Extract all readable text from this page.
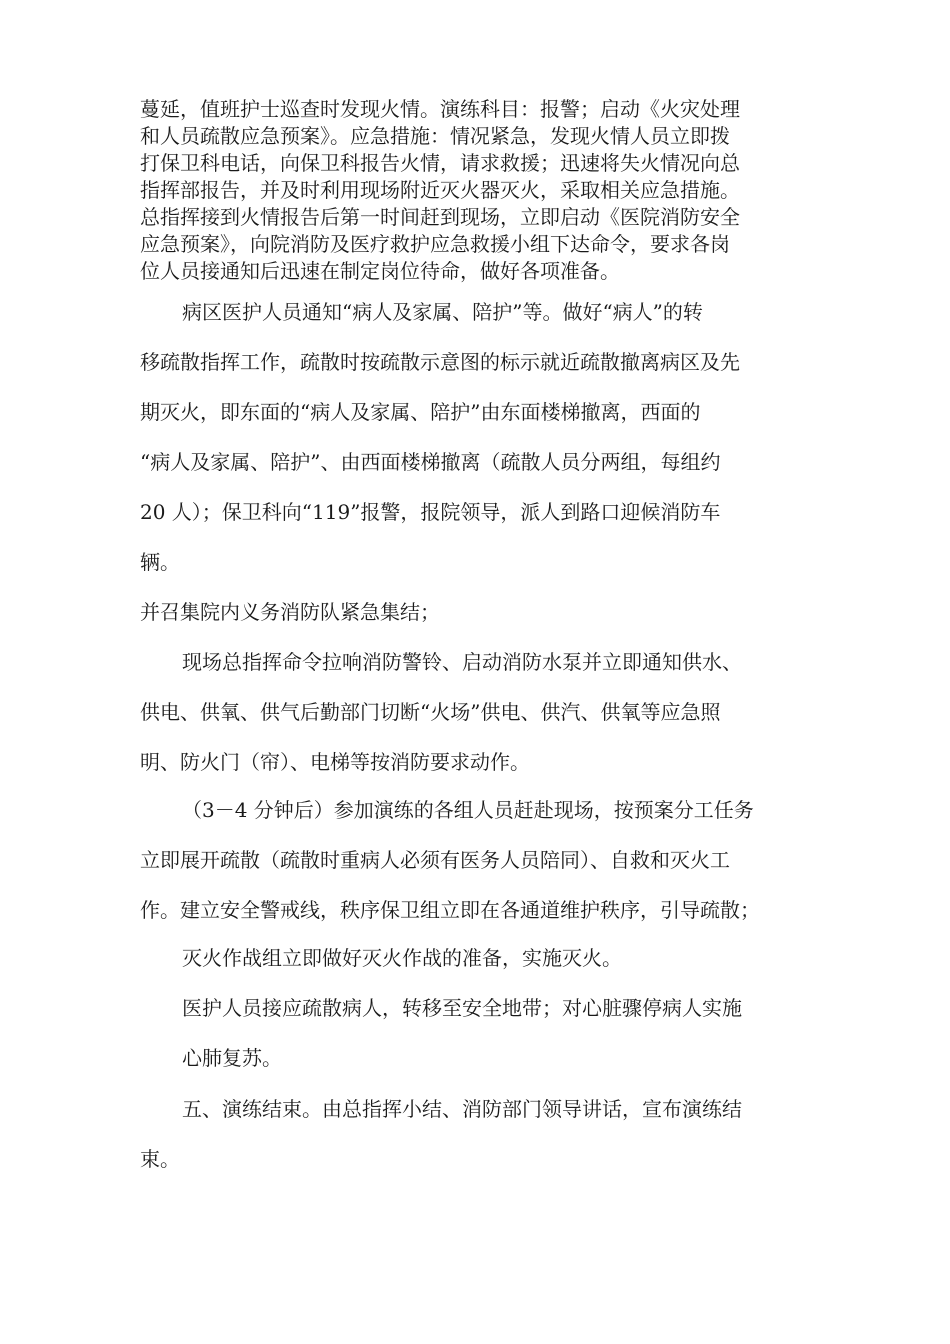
蔓延，值班护士巡查时发现火情。演练科目：报警；启动《火灾处理
和人员疏散应急预案》。应急措施：情况紧急，发现火情人员立即拨
打保卫科电话，向保卫科报告火情，请求救援；迅速将失火情况向总
指挥部报告，并及时利用现场附近灭火器灭火，采取相关应急措施。
总指挥接到火情报告后第一时间赶到现场，立即启动《医院消防安全
应急预案》，向院消防及医疗救护应急救援小组下达命令，要求各岗
位人员接通知后迅速在制定岗位待命，做好各项准备。

病区医护人员通知“病人及家属、陪护”等。做好“病人”的转
移疏散指挥工作，疏散时按疏散示意图的标示就近疏散撤离病区及先
期灭火，即东面的“病人及家属、陪护”由东面楼梯撤离，西面的
“病人及家属、陪护”、由西面楼梯撤离（疏散人员分两组，每组约
20 人）；保卫科向“119”报警，报院领导，派人到路口迎候消防车
辆。

并召集院内义务消防队紧急集结；

现场总指挥命令拉响消防警铃、启动消防水泵并立即通知供水、
供电、供氧、供气后勤部门切断“火场”供电、供汽、供氧等应急照
明、防火门（帘）、电梯等按消防要求动作。

（3－4 分钟后）参加演练的各组人员赶赴现场，按预案分工任务
立即展开疏散（疏散时重病人必须有医务人员陪同）、自救和灭火工
作。建立安全警戒线，秩序保卫组立即在各通道维护秩序，引导疏散；

灭火作战组立即做好灭火作战的准备，实施灭火。

医护人员接应疏散病人，转移至安全地带；对心脏骤停病人实施
心肺复苏。

五、演练结束。由总指挥小结、消防部门领导讲话，宣布演练结
束。
